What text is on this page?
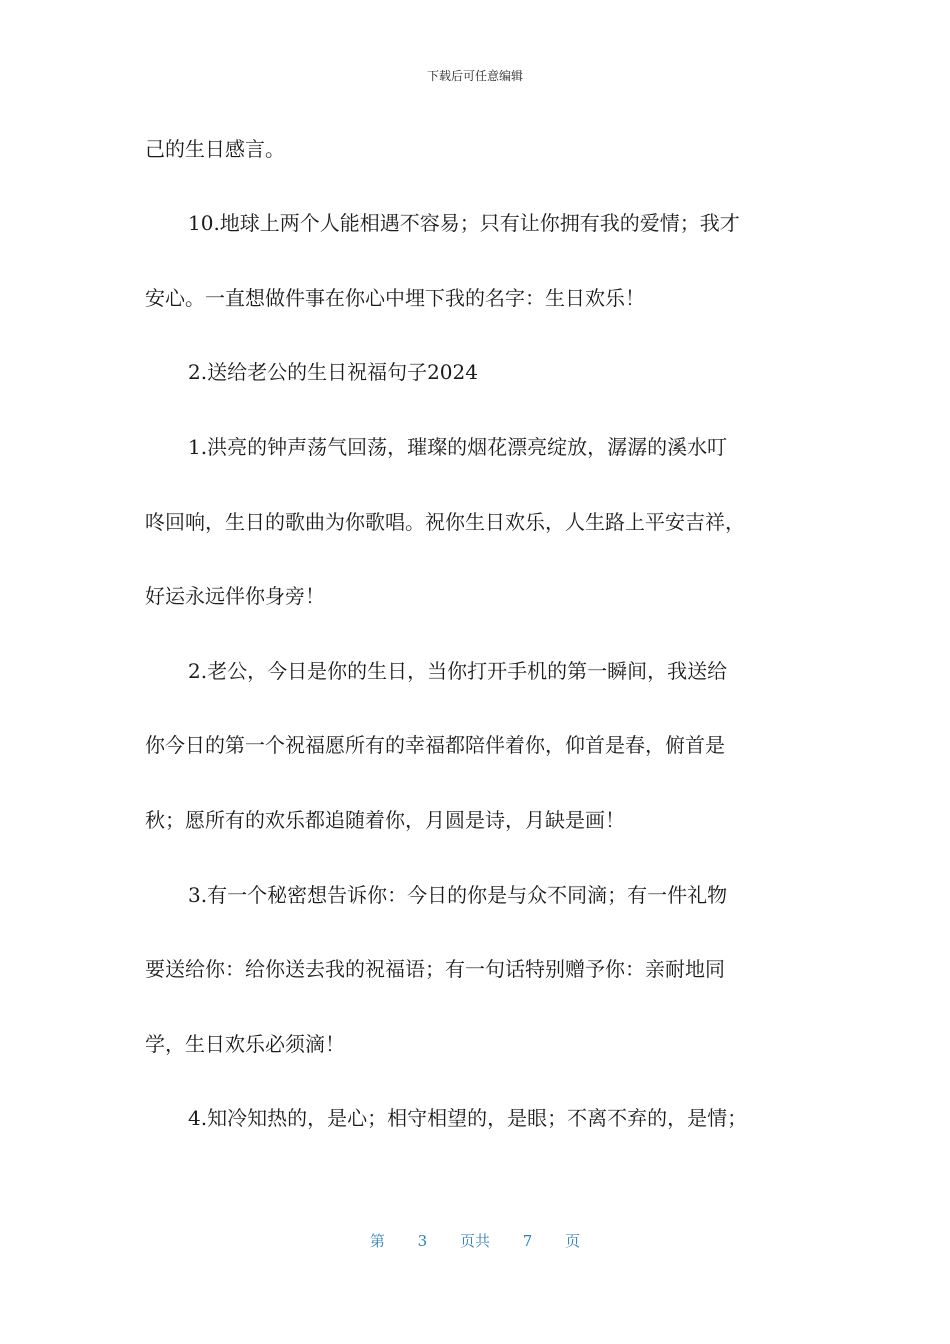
下载后可任意编辑
己的生日感言。
10.地球上两个人能相遇不容易；只有让你拥有我的爱情；我才
安心。一直想做件事在你心中埋下我的名字：生日欢乐！
2.送给老公的生日祝福句子2024
1.洪亮的钟声荡气回荡，璀璨的烟花漂亮绽放，潺潺的溪水叮
咚回响，生日的歌曲为你歌唱。祝你生日欢乐，人生路上平安吉祥，
好运永远伴你身旁！
2.老公，今日是你的生日，当你打开手机的第一瞬间，我送给
你今日的第一个祝福愿所有的幸福都陪伴着你，仰首是春，俯首是
秋；愿所有的欢乐都追随着你，月圆是诗，月缺是画！
3.有一个秘密想告诉你：今日的你是与众不同滴；有一件礼物
要送给你：给你送去我的祝福语；有一句话特别赠予你：亲耐地同
学，生日欢乐必须滴！
4.知冷知热的，是心；相守相望的，是眼；不离不弃的，是情；
第 3 页共 7 页
